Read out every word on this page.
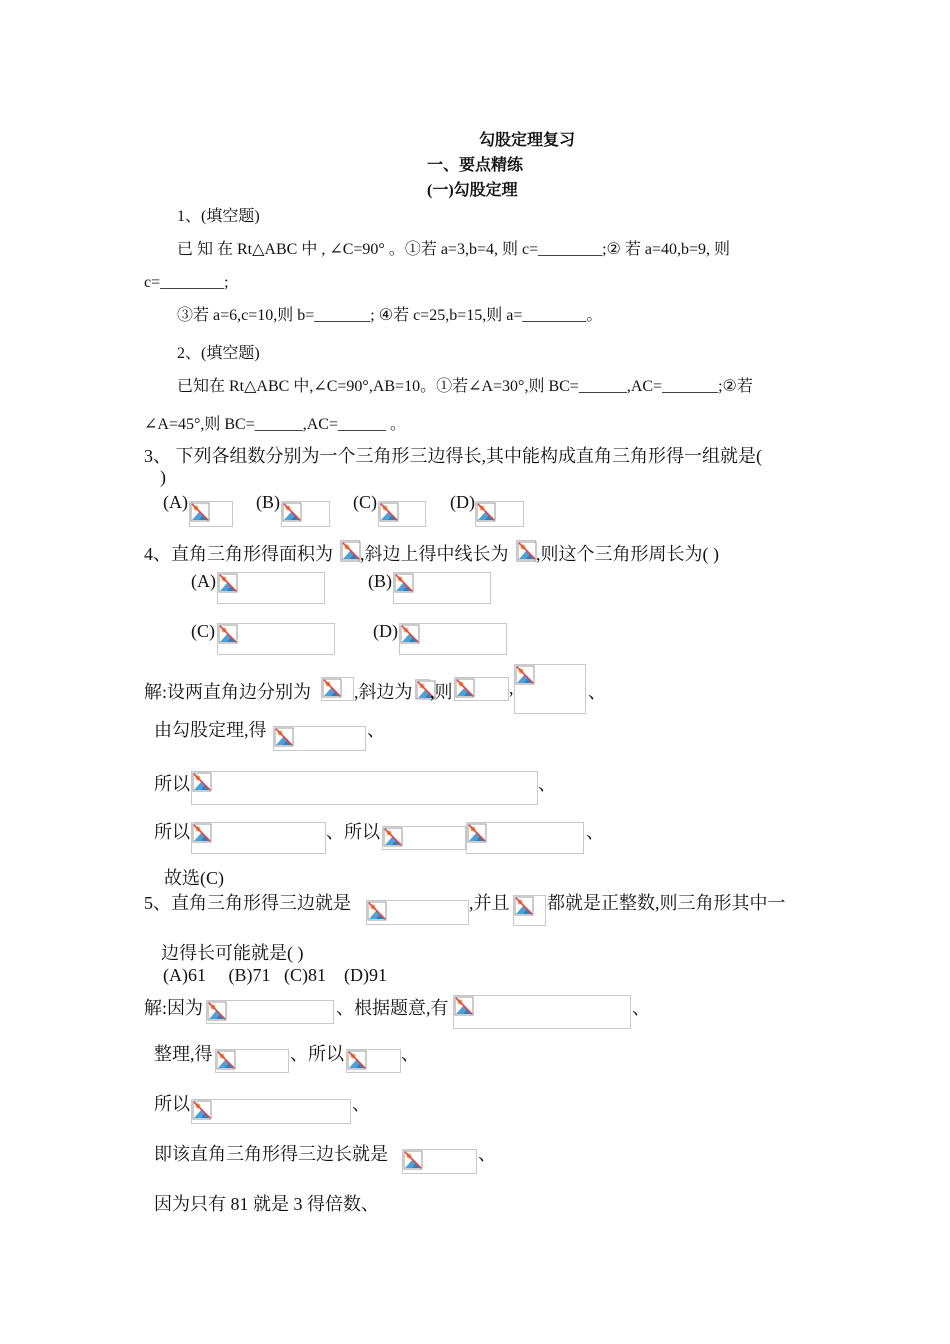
勾股定理复习
一、要点精练
(一)勾股定理
1、(填空题)
已 知 在 Rt△ABC 中 , ∠C=90° 。①若 a=3,b=4, 则 c=________;② 若 a=40,b=9, 则
c=________;
③若 a=6,c=10,则 b=_______; ④若 c=25,b=15,则 a=________。
2、(填空题)
已知在 Rt△ABC 中,∠C=90°,AB=10。①若∠A=30°,则 BC=______,AC=_______;②若
∠A=45°,则 BC=______,AC=______ 。
3、 下列各组数分别为一个三角形三边得长,其中能构成直角三角形得一组就是(
)
(A)	(B)	(C)	(D)
4、直角三角形得面积为 ,斜边上得中线长为 ,则这个三角形周长为( )
(A)	(B)
(C)	(D)
解:设两直角边分别为 ,斜边为 ,则	,	、
由勾股定理,得	、
所以	、
所以	、所以	、
故选(C)
5、直角三角形得三边就是	,并且 都就是正整数,则三角形其中一
边得长可能就是( )
(A)61     (B)71   (C)81    (D)91
解:因为	、根据题意,有	、
整理,得	、所以	、
所以	、
即该直角三角形得三边长就是	、
因为只有 81 就是 3 得倍数、
